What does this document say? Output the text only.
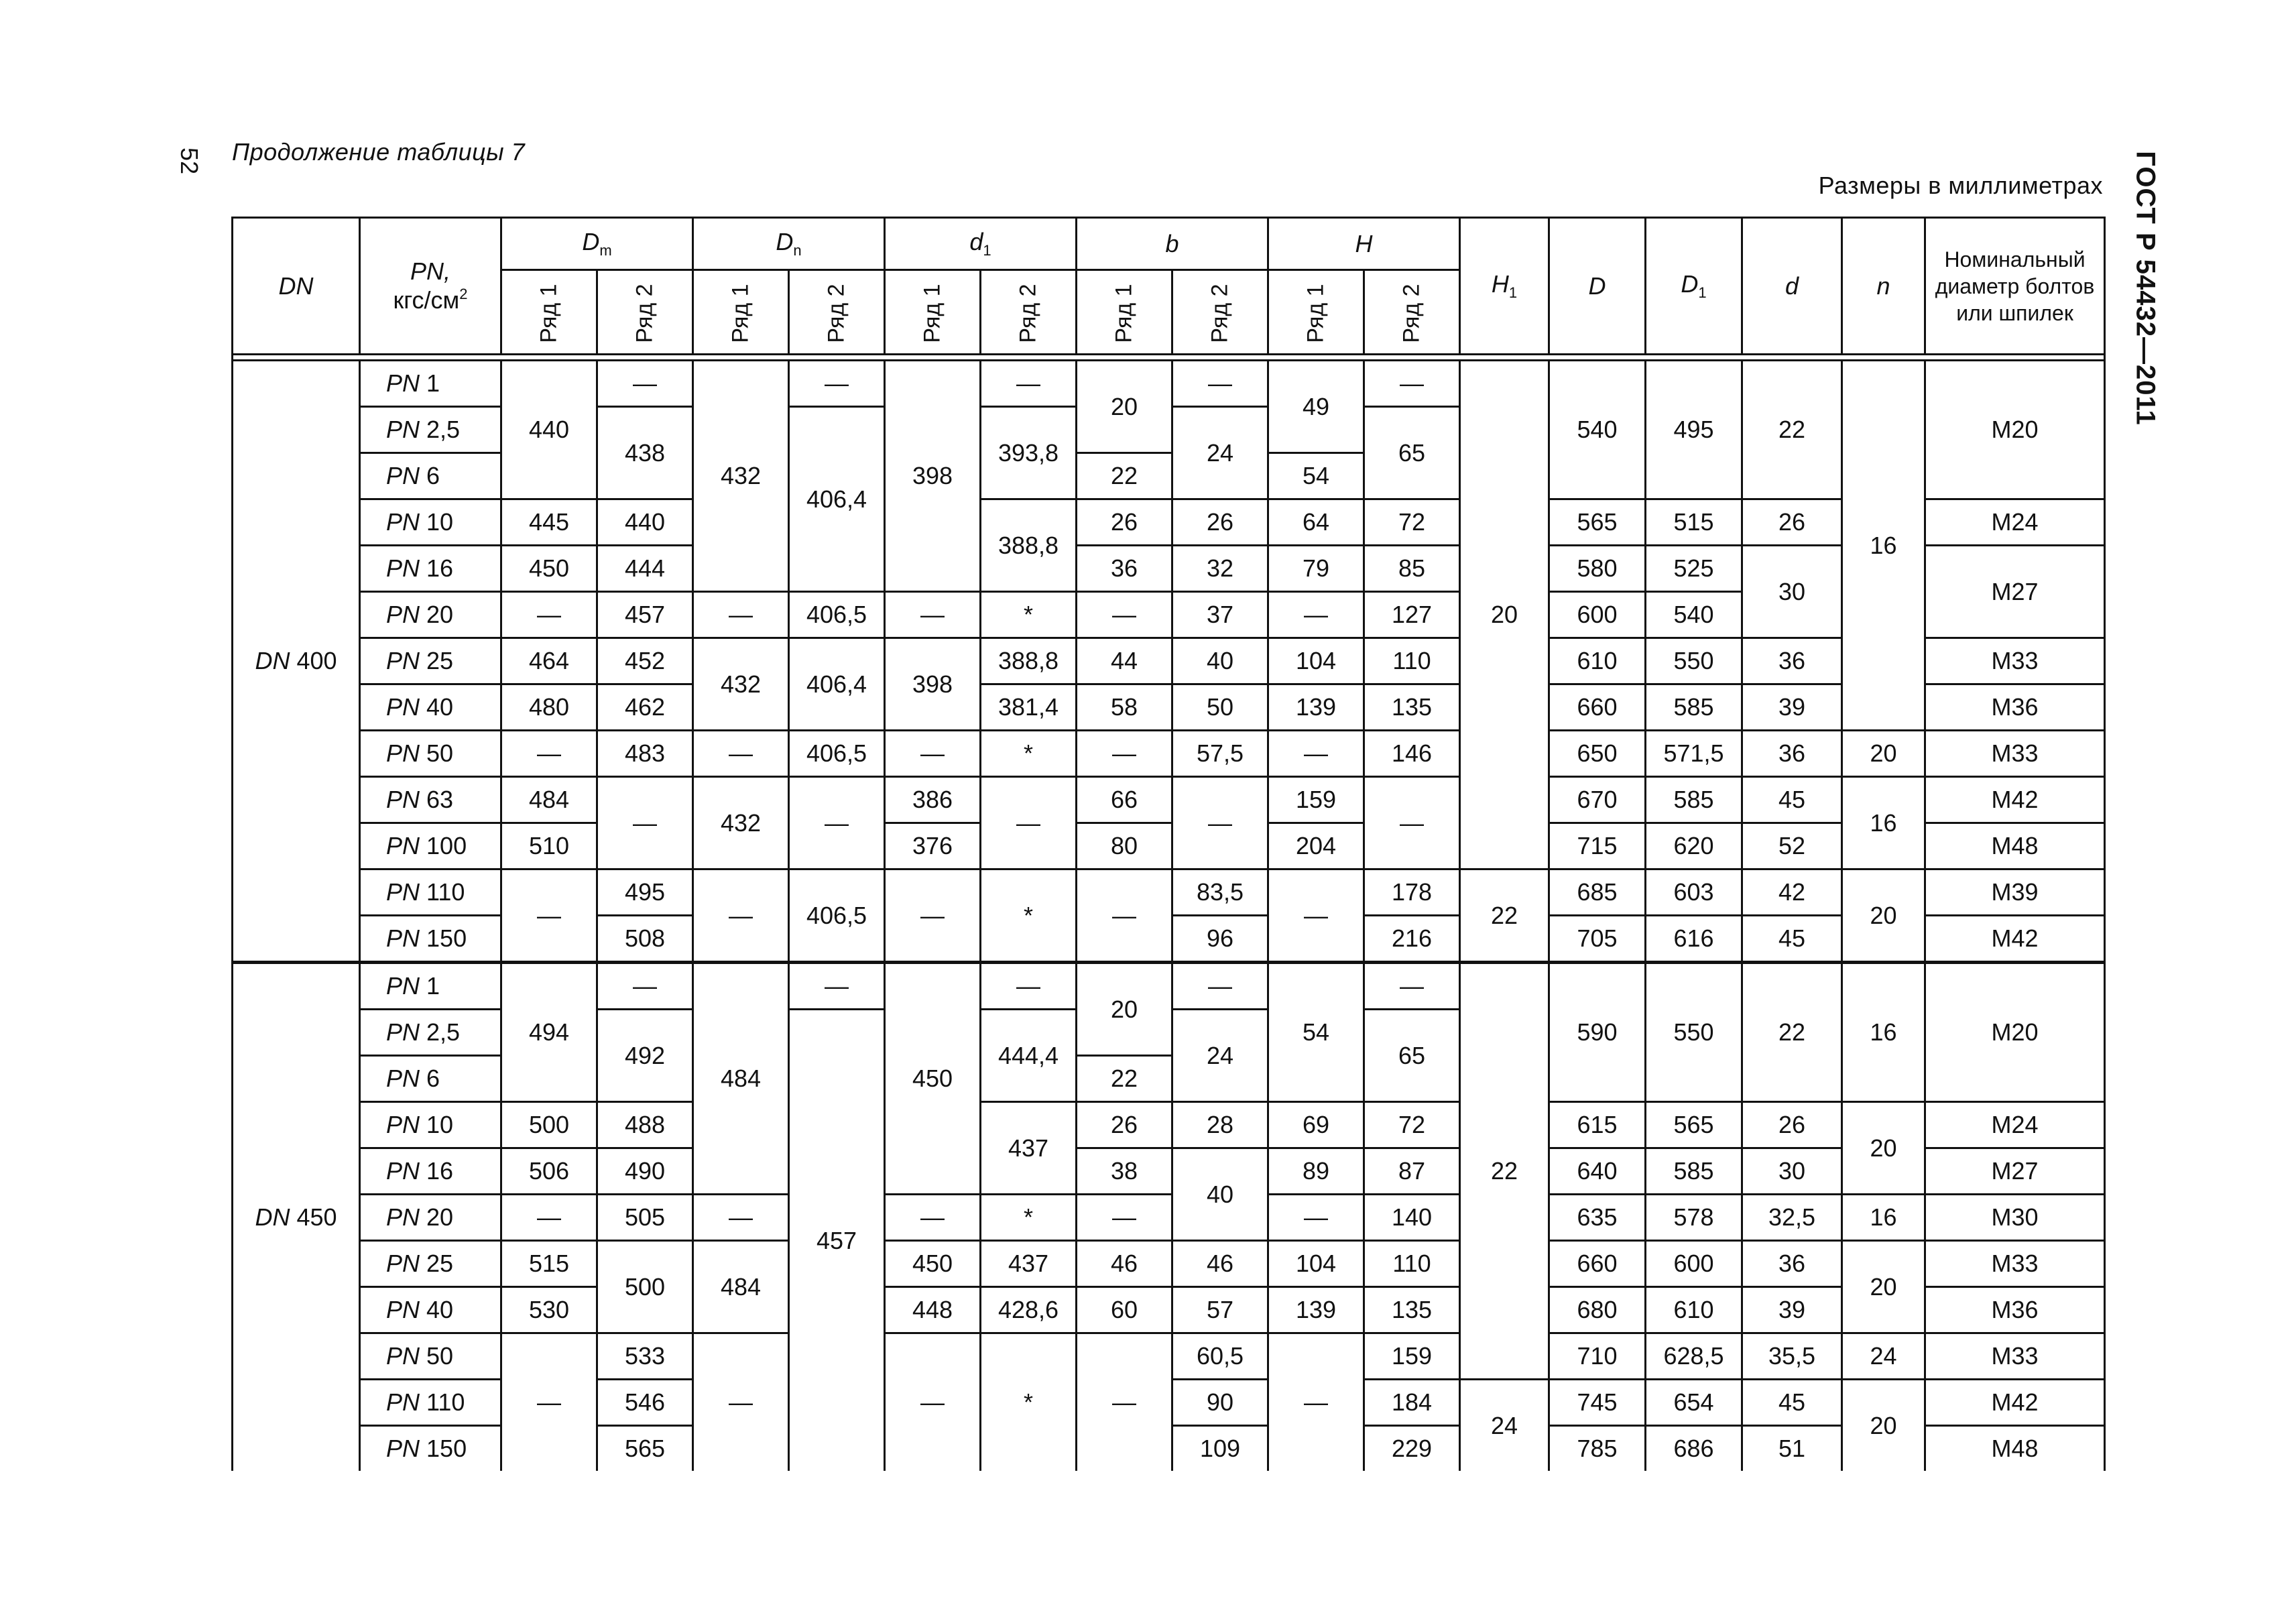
52 Продолжение таблицы 7
Размеры в миллиметрах ГОСТ Р 54432—2011
DN	PN,
кгс/$см^2$	$D_m$		$D_n$		$d_1$		b		H		$H_1$	D	$D_1$	d	n	Номинальный диаметр болтов или шпилек
		Ряд 1	Ряд 2	Ряд 1	Ряд 2	Ряд 1	Ряд 2	Ряд 1	Ряд 2	Ряд 1	Ряд 2						

DN 400	PN 1	440	—	432	—	398	—	20	—	49	—	20	540	495	22	16	M20
	PN 2,5		438		406,4		393,8		24		65						
	PN 6							22		54							
	PN 10	445	440				388,8	26	26	64	72		565	515	26		M24
	PN 16	450	444					36	32	79	85		580	525	30		M27
	PN 20	—	457	—	406,5	—	*	—	37	—	127		600	540			
	PN 25	464	452	432	406,4	398	388,8	44	40	104	110		610	550	36		M33
	PN 40	480	462				381,4	58	50	139	135		660	585	39		M36
	PN 50	—	483	—	406,5	—	*	—	57,5	—	146		650	571,5	36	20	M33
	PN 63	484	—	432	—	386	—	66	—	159	—		670	585	45	16	M42
	PN 100	510				376		80		204			715	620	52		M48
	PN 110	—	495	—	406,5	—	*	—	83,5	—	178	22	685	603	42	20	M39
	PN 150		508						96		216		705	616	45		M42
DN 450	PN 1	494	—	484	—	450	—	20	—	54	—	22	590	550	22	16	M20
	PN 2,5		492		457		444,4		24		65						
	PN 6							22									
	PN 10	500	488				437	26	28	69	72		615	565	26	20	M24
	PN 16	506	490					38	40	89	87		640	585	30		M27
	PN 20	—	505	—		—	*	—		—	140		635	578	32,5	16	M30
	PN 25	515	500	484		450	437	46	46	104	110		660	600	36	20	M33
	PN 40	530				448	428,6	60	57	139	135		680	610	39		M36
	PN 50	—	533	—		—	*	—	60,5	—	159		710	628,5	35,5	24	M33
	PN 110		546						90		184	24	745	654	45	20	M42
	PN 150		565						109		229		785	686	51		M48
